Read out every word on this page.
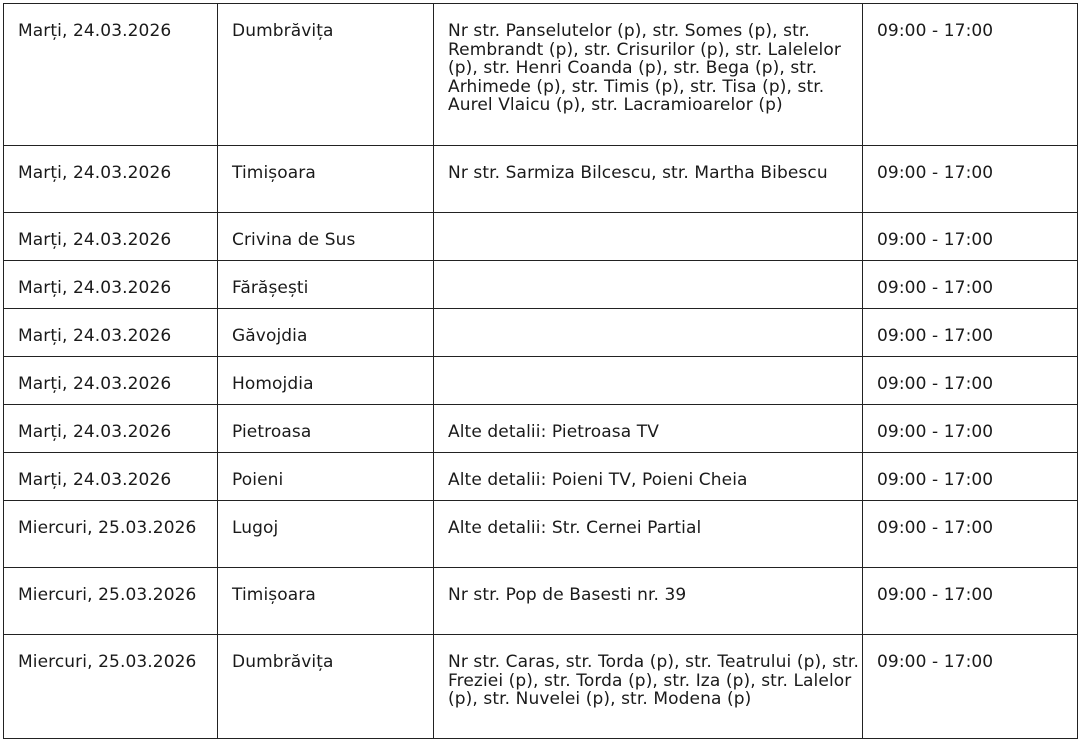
Marți, 24.03.2026	Dumbrăvița	Nr str. Panselutelor (p), str. Somes (p), str. Rembrandt (p), str. Crisurilor (p), str. Lalelelor (p), str. Henri Coanda (p), str. Bega (p), str. Arhimede (p), str. Timis (p), str. Tisa (p), str. Aurel Vlaicu (p), str. Lacramioarelor (p)	09:00 - 17:00

Marți, 24.03.2026	Timișoara	Nr str. Sarmiza Bilcescu, str. Martha Bibescu	09:00 - 17:00

Marți, 24.03.2026	Crivina de Sus		09:00 - 17:00

Marți, 24.03.2026	Fărășești		09:00 - 17:00

Marți, 24.03.2026	Găvojdia		09:00 - 17:00

Marți, 24.03.2026	Homojdia		09:00 - 17:00

Marți, 24.03.2026	Pietroasa	Alte detalii: Pietroasa TV	09:00 - 17:00

Marți, 24.03.2026	Poieni	Alte detalii: Poieni TV, Poieni Cheia	09:00 - 17:00

Miercuri, 25.03.2026	Lugoj	Alte detalii: Str. Cernei Partial	09:00 - 17:00

Miercuri, 25.03.2026	Timișoara	Nr str. Pop de Basesti nr. 39	09:00 - 17:00

Miercuri, 25.03.2026	Dumbrăvița	Nr str. Caras, str. Torda (p), str. Teatrului (p), str. Freziei (p), str. Torda (p), str. Iza (p), str. Lalelor (p), str. Nuvelei (p), str. Modena (p)	09:00 - 17:00
